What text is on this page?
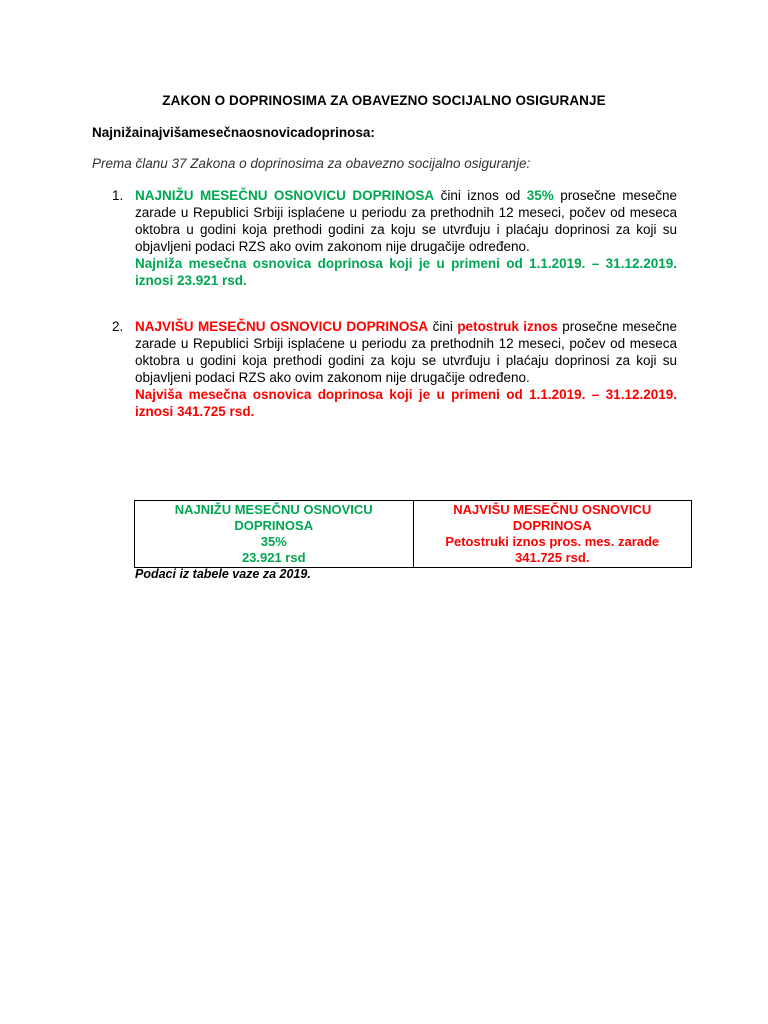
ZAKON O DOPRINOSIMA ZA OBAVEZNO SOCIJALNO OSIGURANJE
Najnižainajvišamesečnaosnovicadoprinosa:
Prema članu 37 Zakona o doprinosima za obavezno socijalno osiguranje:
1. NAJNIŽU MESEČNU OSNOVICU DOPRINOSA čini iznos od 35% prosečne mesečne zarade u Republici Srbiji isplaćene u periodu za prethodnih 12 meseci, počev od meseca oktobra u godini koja prethodi godini za koju se utvrđuju i plaćaju doprinosi za koji su objavljeni podaci RZS ako ovim zakonom nije drugačije određeno.
Najniža mesečna osnovica doprinosa koji je u primeni od 1.1.2019. – 31.12.2019.
iznosi 23.921 rsd.
2. NAJVIŠU MESEČNU OSNOVICU DOPRINOSA čini petostruk iznos prosečne mesečne zarade u Republici Srbiji isplaćene u periodu za prethodnih 12 meseci, počev od meseca oktobra u godini koja prethodi godini za koju se utvrđuju i plaćaju doprinosi za koji su objavljeni podaci RZS ako ovim zakonom nije drugačije određeno.
Najviša mesečna osnovica doprinosa koji je u primeni od 1.1.2019. – 31.12.2019.
iznosi 341.725 rsd.
NAJNIŽU MESEČNU OSNOVICU
DOPRINOSA
35%
23.921 rsd

NAJVIŠU MESEČNU OSNOVICU
DOPRINOSA
Petostruki iznos pros. mes. zarade
341.725 rsd.
Podaci iz tabele vaze za 2019.
